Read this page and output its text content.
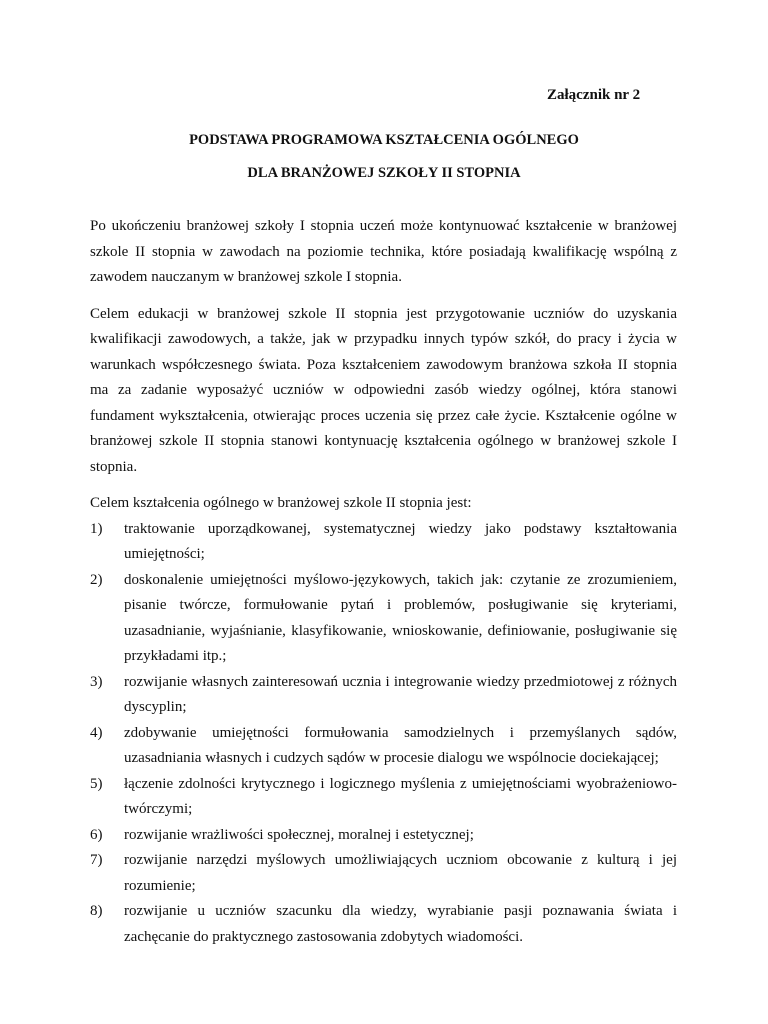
Załącznik nr 2
PODSTAWA PROGRAMOWA KSZTAŁCENIA OGÓLNEGO
DLA BRANŻOWEJ SZKOŁY II STOPNIA

Po ukończeniu branżowej szkoły I stopnia uczeń może kontynuować kształcenie w branżowej szkole II stopnia w zawodach na poziomie technika, które posiadają kwalifikację wspólną z zawodem nauczanym w branżowej szkole I stopnia.

Celem edukacji w branżowej szkole II stopnia jest przygotowanie uczniów do uzyskania kwalifikacji zawodowych, a także, jak w przypadku innych typów szkół, do pracy i życia w warunkach współczesnego świata. Poza kształceniem zawodowym branżowa szkoła II stopnia ma za zadanie wyposażyć uczniów w odpowiedni zasób wiedzy ogólnej, która stanowi fundament wykształcenia, otwierając proces uczenia się przez całe życie. Kształcenie ogólne w branżowej szkole II stopnia stanowi kontynuację kształcenia ogólnego w branżowej szkole I stopnia.

Celem kształcenia ogólnego w branżowej szkole II stopnia jest:

1)	traktowanie uporządkowanej, systematycznej wiedzy jako podstawy kształtowania umiejętności;
2)	doskonalenie umiejętności myślowo-językowych, takich jak: czytanie ze zrozumieniem, pisanie twórcze, formułowanie pytań i problemów, posługiwanie się kryteriami, uzasadnianie, wyjaśnianie, klasyfikowanie, wnioskowanie, definiowanie, posługiwanie się przykładami itp.;
3)	rozwijanie własnych zainteresowań ucznia i integrowanie wiedzy przedmiotowej z różnych dyscyplin;
4)	zdobywanie umiejętności formułowania samodzielnych i przemyślanych sądów, uzasadniania własnych i cudzych sądów w procesie dialogu we wspólnocie dociekającej;
5)	łączenie zdolności krytycznego i logicznego myślenia z umiejętnościami wyobrażeniowo-twórczymi;
6)	rozwijanie wrażliwości społecznej, moralnej i estetycznej;
7)	rozwijanie narzędzi myślowych umożliwiających uczniom obcowanie z kulturą i jej rozumienie;
8)	rozwijanie u uczniów szacunku dla wiedzy, wyrabianie pasji poznawania świata i zachęcanie do praktycznego zastosowania zdobytych wiadomości.
